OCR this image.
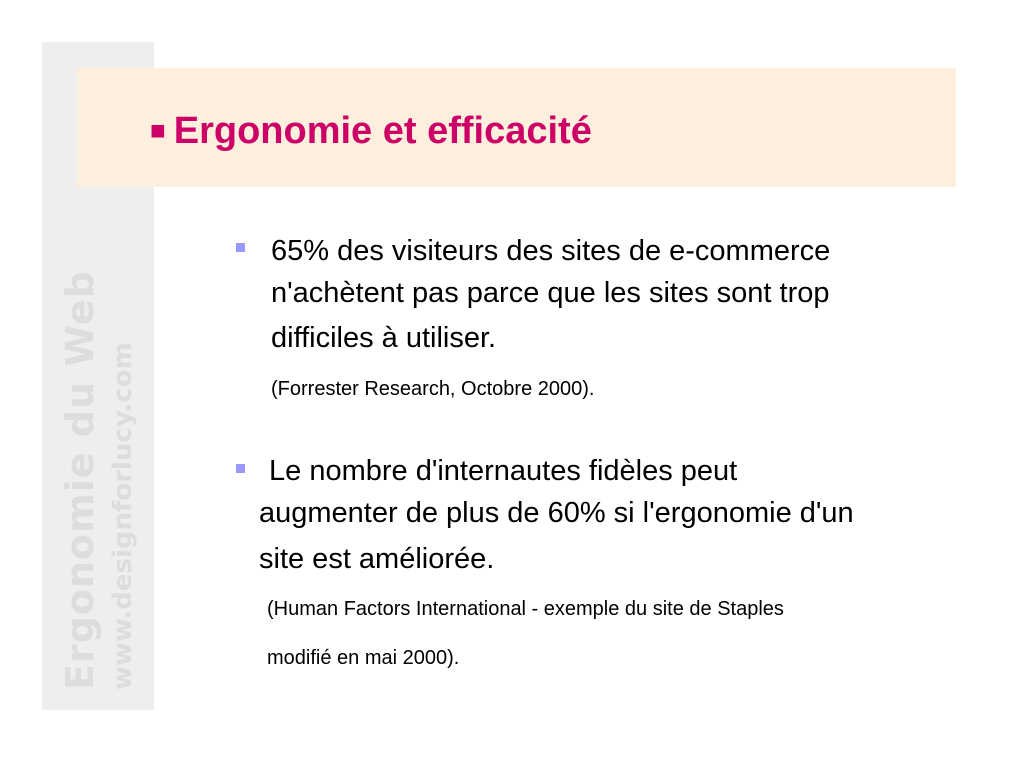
Ergonomie du Web www.designforlucy.com
■ Ergonomie et efficacité
65% des visiteurs des sites de e-commerce
n'achètent pas parce que les sites sont trop
difficiles à utiliser.
(Forrester Research, Octobre 2000).
Le nombre d'internautes fidèles peut
augmenter de plus de 60% si l'ergonomie d'un
site est améliorée.
(Human Factors International - exemple du site de Staples
modifié en mai 2000).
